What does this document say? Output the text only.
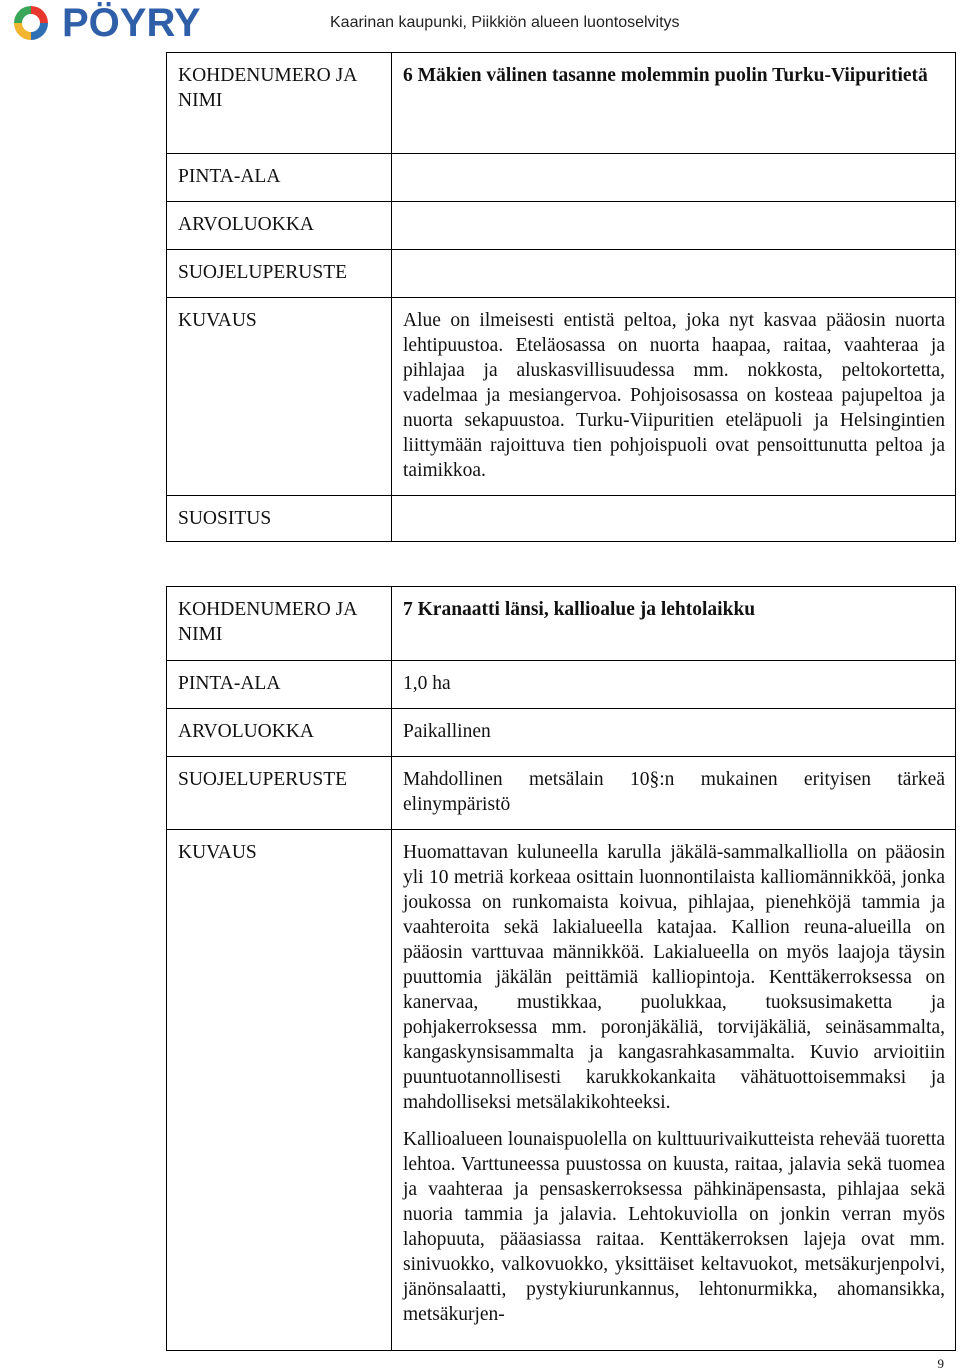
PÖYRY	Kaarinan kaupunki, Piikkiön alueen luontoselvitys
KOHDENUMERO JA NIMI	6 Mäkien välinen tasanne molemmin puolin Turku-Viipuritietä
PINTA-ALA	
ARVOLUOKKA	
SUOJELUPERUSTE	
KUVAUS	Alue on ilmeisesti entistä peltoa, joka nyt kasvaa pääosin nuorta lehtipuustoa. Eteläosassa on nuorta haapaa, raitaa, vaahteraa ja pihlajaa ja aluskasvillisuudessa mm. nokkosta, peltokortetta, vadelmaa ja mesiangervoa. Pohjoisosassa on kosteaa pajupeltoa ja nuorta sekapuustoa. Turku-Viipuritien eteläpuoli ja Helsingintien liittymään rajoittuva tien pohjoispuoli ovat pensoittunutta peltoa ja taimikkoa.
SUOSITUS	
KOHDENUMERO JA NIMI	7 Kranaatti länsi, kallioalue ja lehtolaikku
PINTA-ALA	1,0 ha
ARVOLUOKKA	Paikallinen
SUOJELUPERUSTE	Mahdollinen metsälain 10§:n mukainen erityisen tärkeä elinympäristö
KUVAUS	Huomattavan kuluneella karulla jäkälä-sammalkalliolla on pääosin yli 10 metriä korkeaa osittain luonnontilaista kalliomännikköä, jonka joukossa on runkomaista koivua, pihlajaa, pienehköjä tammia ja vaahteroita sekä lakialueella katajaa. Kallion reuna-alueilla on pääosin varttuvaa männikköä. Lakialueella on myös laajoja täysin puuttomia jäkälän peittämiä kalliopintoja. Kenttäkerroksessa on kanervaa, mustikkaa, puolukkaa, tuoksusimaketta ja pohjakerroksessa mm. poronjäkäliä, torvijäkäliä, seinäsammalta, kangaskynsisammalta ja kangasrahkasammalta. Kuvio arvioitiin puuntuotannollisesti karukkokankaita vähätuottoisemmaksi ja mahdolliseksi metsälakikohteeksi.
Kallioalueen lounaispuolella on kulttuurivaikutteista rehevää tuoretta lehtoa. Varttuneessa puustossa on kuusta, raitaa, jalavia sekä tuomea ja vaahteraa ja pensaskerroksessa pähkinäpensasta, pihlajaa sekä nuoria tammia ja jalavia. Lehtokuviolla on jonkin verran myös lahopuuta, pääasiassa raitaa. Kenttäkerroksen lajeja ovat mm. sinivuokko, valkovuokko, yksittäiset keltavuokot, metsäkurjenpolvi, jänönsalaatti, pystykiurunkannus, lehtonurmikka, ahomansikka, metsäkurjen-
9
